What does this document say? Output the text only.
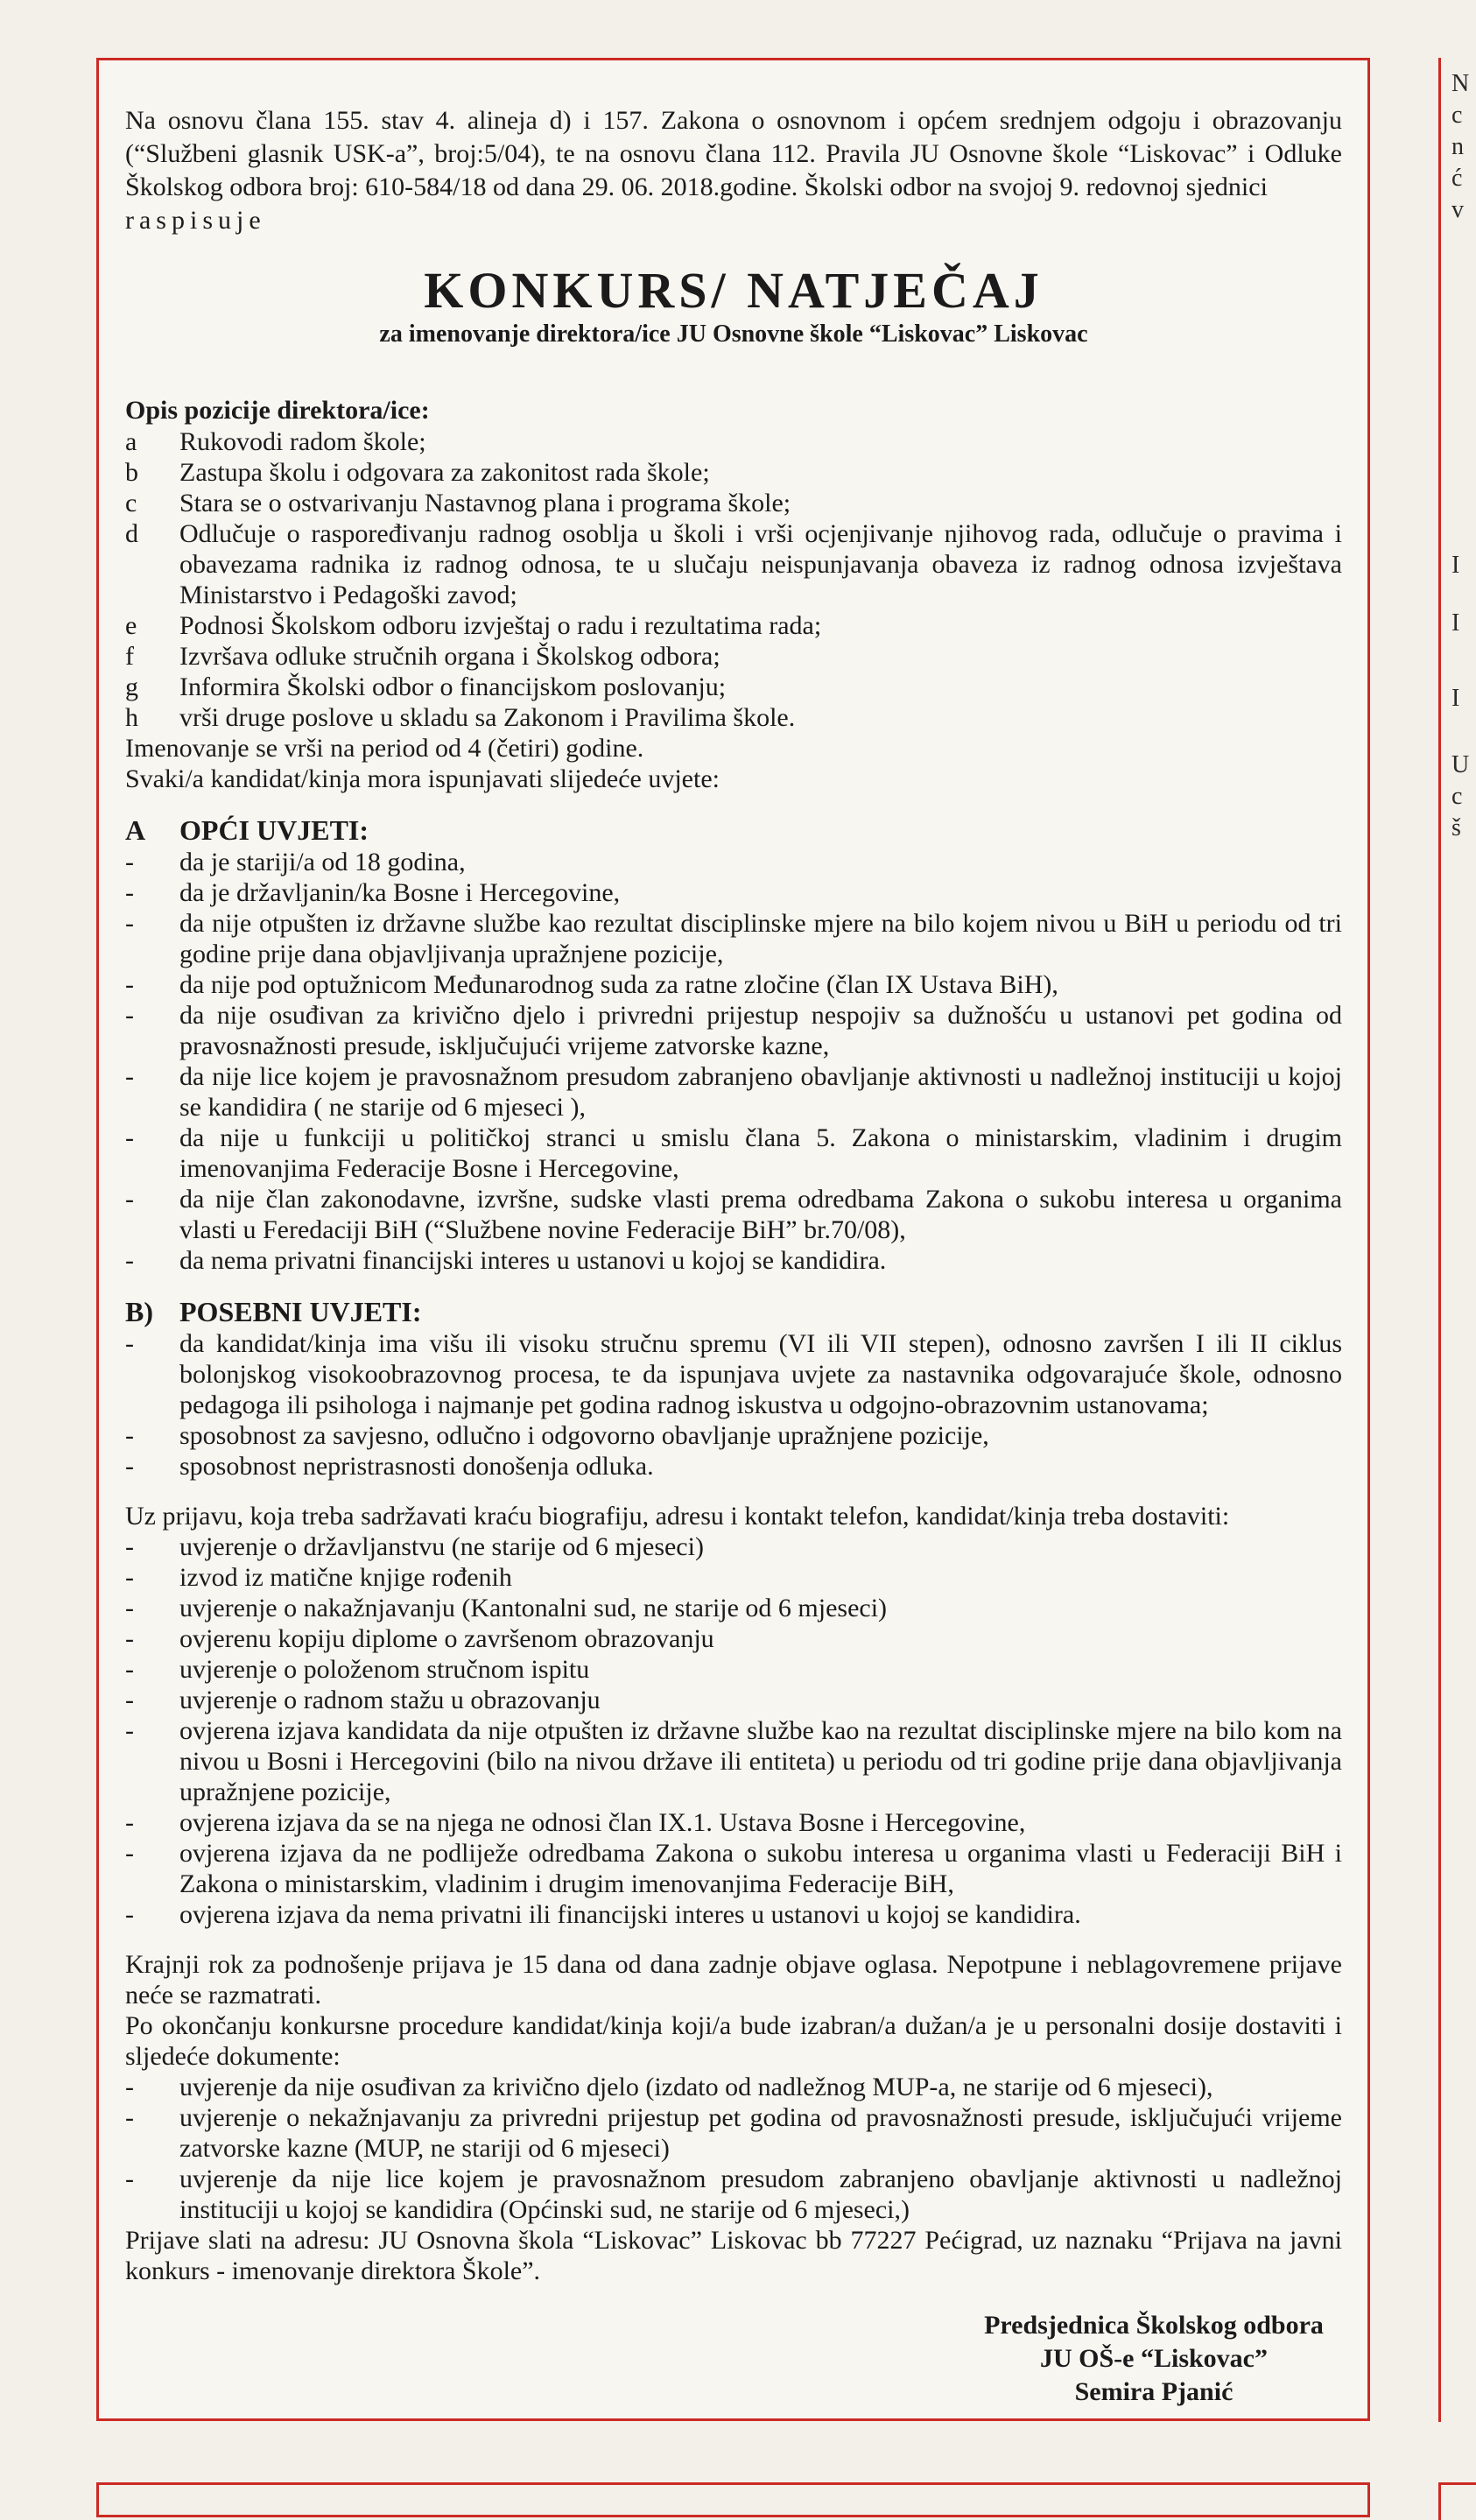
Na osnovu člana 155. stav 4. alineja d) i 157. Zakona o osnovnom i općem srednjem odgoju i obrazovanju (“Službeni glasnik USK-a”, broj:5/04), te na osnovu člana 112. Pravila JU Osnovne škole “Liskovac” i Odluke Školskog odbora broj: 610-584/18 od dana 29. 06. 2018.godine. Školski odbor na svojoj 9. redovnoj sjednici

raspisuje

KONKURS/ NATJEČAJ

za imenovanje direktora/ice JU Osnovne škole “Liskovac” Liskovac

Opis pozicije direktora/ice:

a	Rukovodi radom škole;
b	Zastupa školu i odgovara za zakonitost rada škole;
c	Stara se o ostvarivanju Nastavnog plana i programa škole;
d	Odlučuje o raspoređivanju radnog osoblja u školi i vrši ocjenjivanje njihovog rada, odlučuje o pravima i obavezama radnika iz radnog odnosa, te u slučaju neispunjavanja obaveza iz radnog odnosa izvještava Ministarstvo i Pedagoški zavod;
e	Podnosi Školskom odboru izvještaj o radu i rezultatima rada;
f	Izvršava odluke stručnih organa i Školskog odbora;
g	Informira Školski odbor o financijskom poslovanju;
h	vrši druge poslove u skladu sa Zakonom i Pravilima škole.

Imenovanje se vrši na period od 4 (četiri) godine.

Svaki/a kandidat/kinja mora ispunjavati slijedeće uvjete:

A	OPĆI UVJETI:
-	da je stariji/a od 18 godina,
-	da je državljanin/ka Bosne i Hercegovine,
-	da nije otpušten iz državne službe kao rezultat disciplinske mjere na bilo kojem nivou u BiH u periodu od tri godine prije dana objavljivanja upražnjene pozicije,
-	da nije pod optužnicom Međunarodnog suda za ratne zločine (član IX Ustava BiH),
-	da nije osuđivan za krivično djelo i privredni prijestup nespojiv sa dužnošću u ustanovi pet godina od pravosnažnosti presude, isključujući vrijeme zatvorske kazne,
-	da nije lice kojem je pravosnažnom presudom zabranjeno obavljanje aktivnosti u nadležnoj instituciji u kojoj se kandidira ( ne starije od 6 mjeseci ),
-	da nije u funkciji u političkoj stranci u smislu člana 5. Zakona o ministarskim, vladinim i drugim imenovanjima Federacije Bosne i Hercegovine,
-	da nije član zakonodavne, izvršne, sudske vlasti prema odredbama Zakona o sukobu interesa u organima vlasti u Feredaciji BiH (“Službene novine Federacije BiH” br.70/08),
-	da nema privatni financijski interes u ustanovi u kojoj se kandidira.
B) POSEBNI UVJETI:
-	da kandidat/kinja ima višu ili visoku stručnu spremu (VI ili VII stepen), odnosno završen I ili II ciklus bolonjskog visokoobrazovnog procesa, te da ispunjava uvjete za nastavnika odgovarajuće škole, odnosno pedagoga ili psihologa i najmanje pet godina radnog iskustva u odgojno-obrazovnim ustanovama;
-	sposobnost za savjesno, odlučno i odgovorno obavljanje upražnjene pozicije,
-	sposobnost nepristrasnosti donošenja odluka.

Uz prijavu, koja treba sadržavati kraću biografiju, adresu i kontakt telefon, kandidat/kinja treba dostaviti:

-	uvjerenje o državljanstvu (ne starije od 6 mjeseci)
-	izvod iz matične knjige rođenih
-	uvjerenje o nakažnjavanju (Kantonalni sud, ne starije od 6 mjeseci)
-	ovjerenu kopiju diplome o završenom obrazovanju
-	uvjerenje o položenom stručnom ispitu
-	uvjerenje o radnom stažu u obrazovanju
-	ovjerena izjava kandidata da nije otpušten iz državne službe kao na rezultat disciplinske mjere na bilo kom na nivou u Bosni i Hercegovini (bilo na nivou države ili entiteta) u periodu od tri godine prije dana objavljivanja upražnjene pozicije,
-	ovjerena izjava da se na njega ne odnosi član IX.1. Ustava Bosne i Hercegovine,
-	ovjerena izjava da ne podliježe odredbama Zakona o sukobu interesa u organima vlasti u Federaciji BiH i Zakona o ministarskim, vladinim i drugim imenovanjima Federacije BiH,
-	ovjerena izjava da nema privatni ili financijski interes u ustanovi u kojoj se kandidira.

Krajnji rok za podnošenje prijava je 15 dana od dana zadnje objave oglasa. Nepotpune i neblagovremene prijave neće se razmatrati.

Po okončanju konkursne procedure kandidat/kinja koji/a bude izabran/a dužan/a je u personalni dosije dostaviti i sljedeće dokumente:

-	uvjerenje da nije osuđivan za krivično djelo (izdato od nadležnog MUP-a, ne starije od 6 mjeseci),
-	uvjerenje o nekažnjavanju za privredni prijestup pet godina od pravosnažnosti presude, isključujući vrijeme zatvorske kazne (MUP, ne stariji od 6 mjeseci)
-	uvjerenje da nije lice kojem je pravosnažnom presudom zabranjeno obavljanje aktivnosti u nadležnoj instituciji u kojoj se kandidira (Općinski sud, ne starije od 6 mjeseci,)

Prijave slati na adresu: JU Osnovna škola “Liskovac” Liskovac bb 77227 Pećigrad, uz naznaku “Prijava na javni konkurs - imenovanje direktora Škole”.

Predsjednica Školskog odbora
JU OŠ-e “Liskovac”
Semira Pjanić
N
c
n
ć
v
I
I
I
U
c
š
